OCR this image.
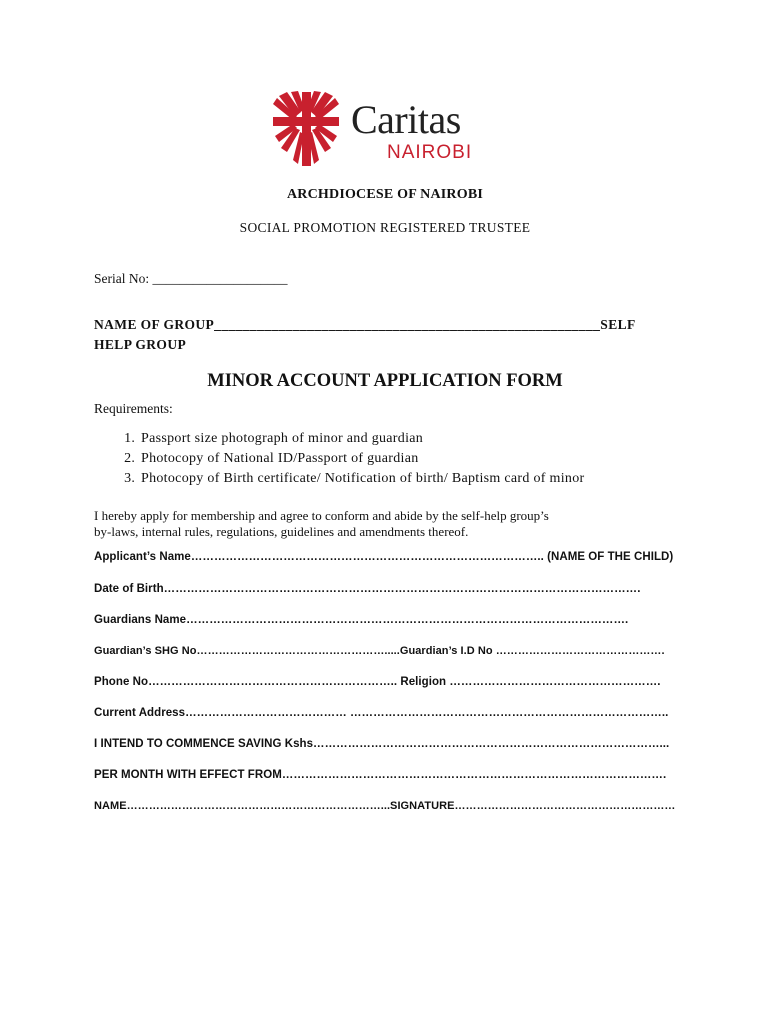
Caritas
NAIROBI
ARCHDIOCESE OF NAIROBI
SOCIAL PROMOTION REGISTERED TRUSTEE
Serial No: ____________________
NAME OF GROUP______________________________________________________SELF
HELP GROUP
MINOR ACCOUNT APPLICATION FORM
Requirements:
1. Passport size photograph of minor and guardian
2. Photocopy of National ID/Passport of guardian
3. Photocopy of Birth certificate/ Notification of birth/ Baptism card of minor
I hereby apply for membership and agree to conform and abide by the self-help group’s
by-laws, internal rules, regulations, guidelines and amendments thereof.
Applicant’s Name……………………………………………………………………………….. (NAME OF THE CHILD)
Date of Birth…………………………………………………………………………………………………………….
Guardians Name…………………………………………………………………………………………………….
Guardian’s SHG No…………………………………………….....Guardian’s I.D No ……………………………………….
Phone No……………………………………………………….. Religion ……………………………………………….
Current Address…………………………………… ………………………………………………………………………..
I INTEND TO COMMENCE SAVING Kshs………………………………………………………………………………...
PER MONTH WITH EFFECT FROM……………………………………………………………………………………….
NAME……………………………………………………………...SIGNATURE……………………………………………………
